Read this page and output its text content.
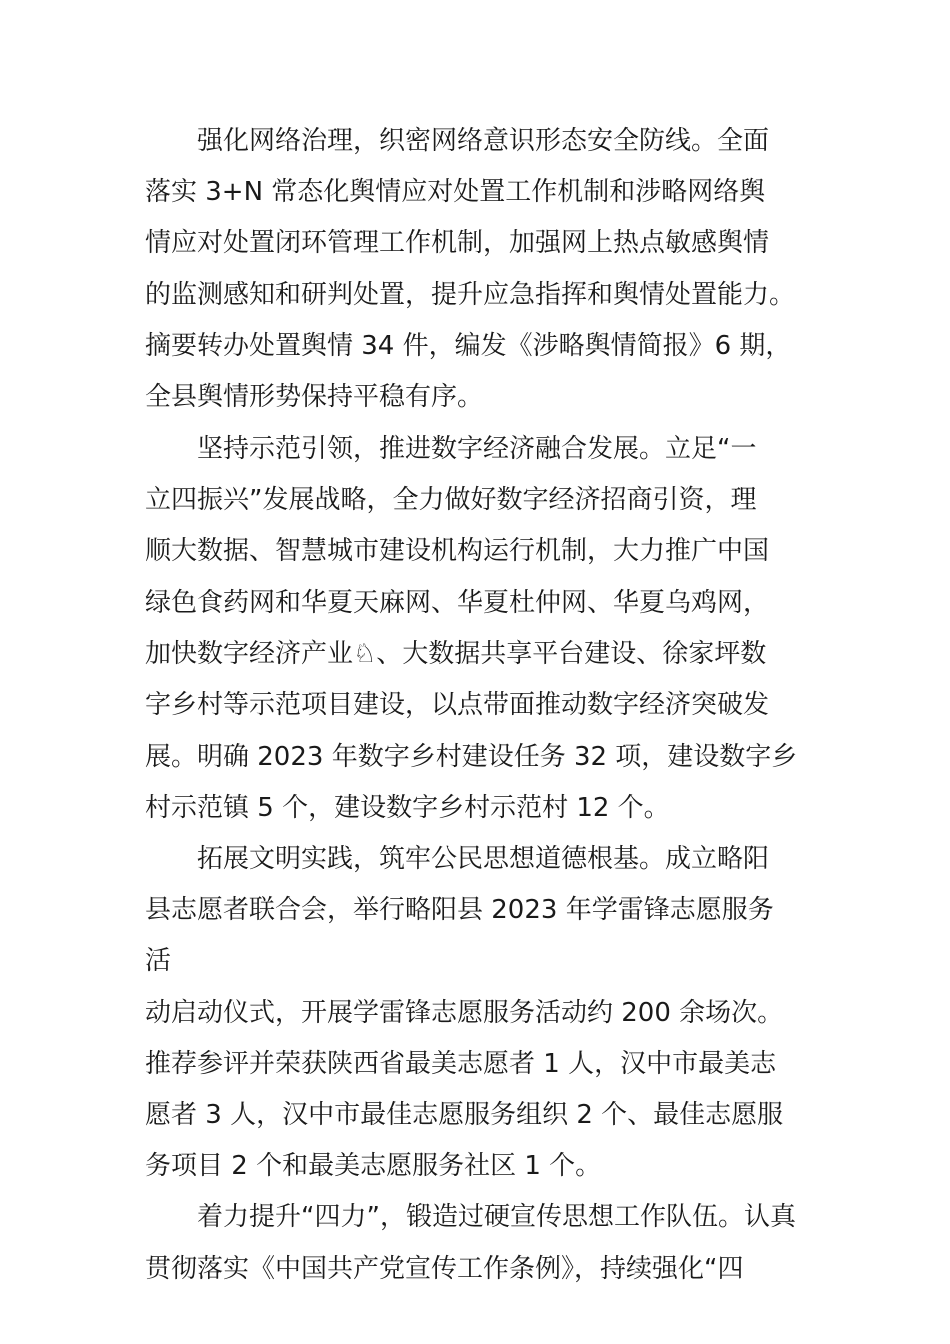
强化网络治理，织密网络意识形态安全防线。全面
落实 3+N 常态化舆情应对处置工作机制和涉略网络舆
情应对处置闭环管理工作机制，加强网上热点敏感舆情
的监测感知和研判处置，提升应急指挥和舆情处置能力。
摘要转办处置舆情 34 件，编发《涉略舆情简报》6 期，
全县舆情形势保持平稳有序。
坚持示范引领，推进数字经济融合发展。立足“一
立四振兴”发展战略，全力做好数字经济招商引资，理
顺大数据、智慧城市建设机构运行机制，大力推广中国
绿色食药网和华夏天麻网、华夏杜仲网、华夏乌鸡网，
加快数字经济产业♘、大数据共享平台建设、徐家坪数
字乡村等示范项目建设，以点带面推动数字经济突破发
展。明确 2023 年数字乡村建设任务 32 项，建设数字乡
村示范镇 5 个，建设数字乡村示范村 12 个。
拓展文明实践，筑牢公民思想道德根基。成立略阳
县志愿者联合会，举行略阳县 2023 年学雷锋志愿服务
活
动启动仪式，开展学雷锋志愿服务活动约 200 余场次。
推荐参评并荣获陕西省最美志愿者 1 人，汉中市最美志
愿者 3 人，汉中市最佳志愿服务组织 2 个、最佳志愿服
务项目 2 个和最美志愿服务社区 1 个。
着力提升“四力”，锻造过硬宣传思想工作队伍。认真
贯彻落实《中国共产党宣传工作条例》，持续强化“四
